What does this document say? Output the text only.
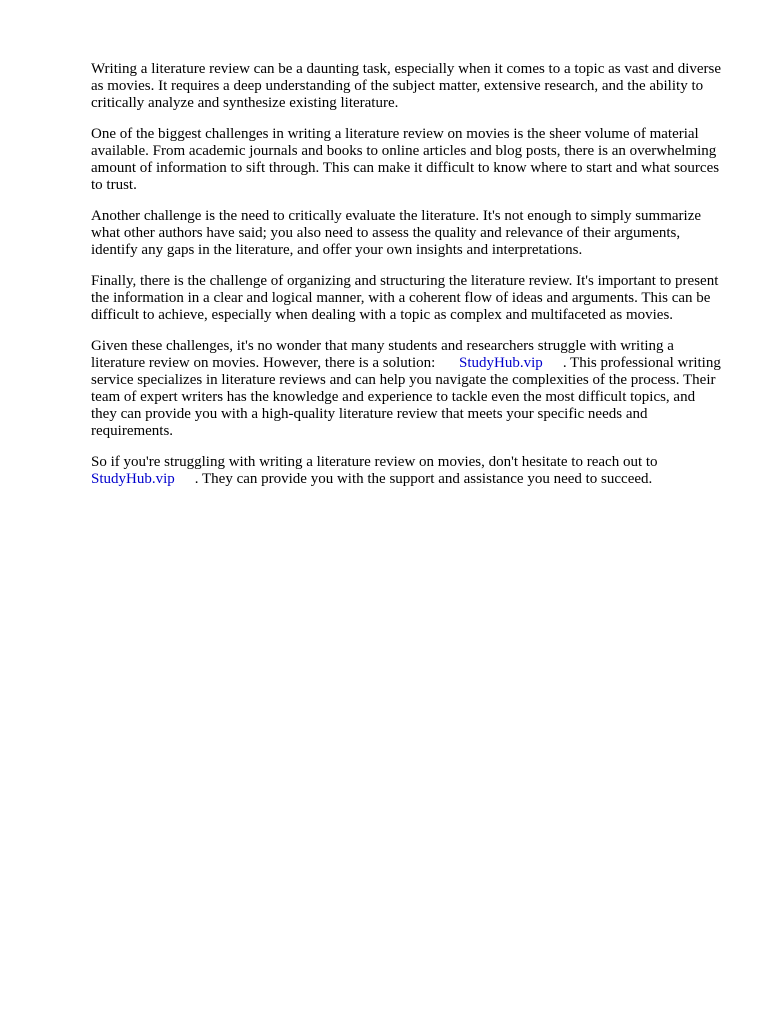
Writing a literature review can be a daunting task, especially when it comes to a topic as vast and diverse as movies. It requires a deep understanding of the subject matter, extensive research, and the ability to critically analyze and synthesize existing literature.

One of the biggest challenges in writing a literature review on movies is the sheer volume of material available. From academic journals and books to online articles and blog posts, there is an overwhelming amount of information to sift through. This can make it difficult to know where to start and what sources to trust.

Another challenge is the need to critically evaluate the literature. It's not enough to simply summarize what other authors have said; you also need to assess the quality and relevance of their arguments, identify any gaps in the literature, and offer your own insights and interpretations.

Finally, there is the challenge of organizing and structuring the literature review. It's important to present the information in a clear and logical manner, with a coherent flow of ideas and arguments. This can be difficult to achieve, especially when dealing with a topic as complex and multifaceted as movies.

Given these challenges, it's no wonder that many students and researchers struggle with writing a literature review on movies. However, there is a solution: StudyHub.vip . This professional writing service specializes in literature reviews and can help you navigate the complexities of the process. Their team of expert writers has the knowledge and experience to tackle even the most difficult topics, and they can provide you with a high-quality literature review that meets your specific needs and requirements.

So if you're struggling with writing a literature review on movies, don't hesitate to reach out to StudyHub.vip . They can provide you with the support and assistance you need to succeed.
